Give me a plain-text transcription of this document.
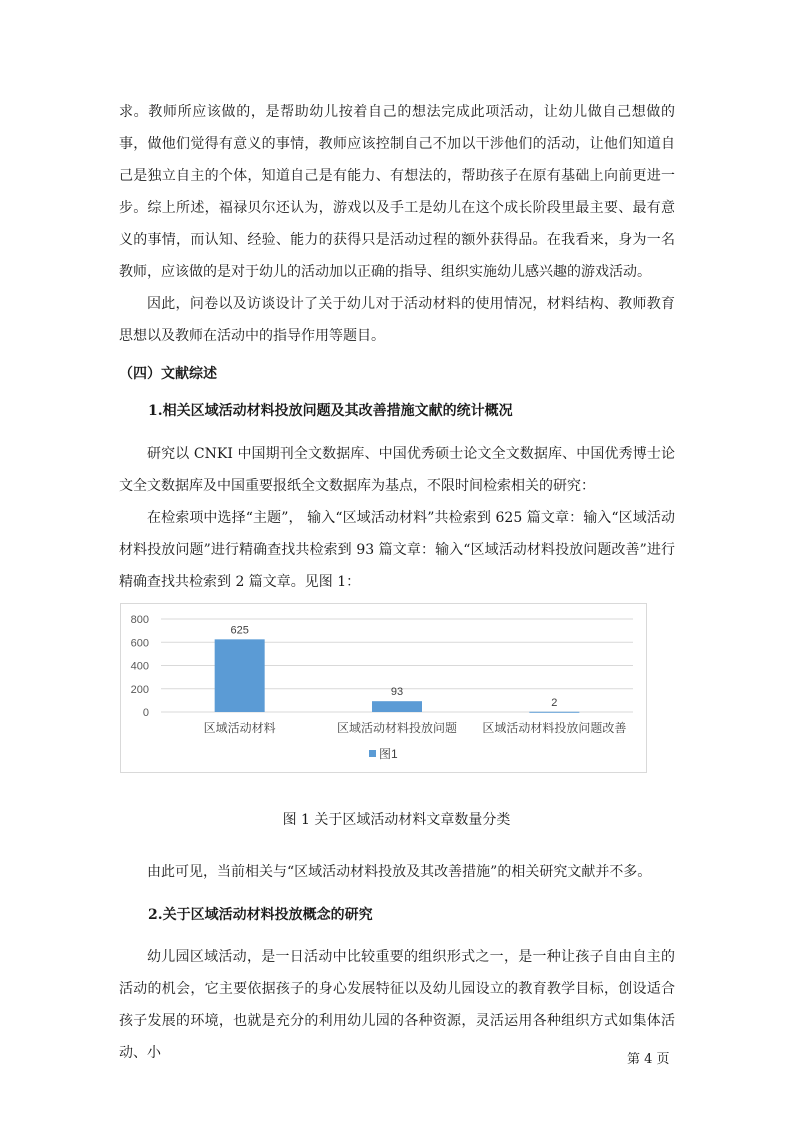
求。教师所应该做的，是帮助幼儿按着自己的想法完成此项活动，让幼儿做自己想做的事，做他们觉得有意义的事情，教师应该控制自己不加以干涉他们的活动，让他们知道自己是独立自主的个体，知道自己是有能力、有想法的，帮助孩子在原有基础上向前更进一步。综上所述，福禄贝尔还认为，游戏以及手工是幼儿在这个成长阶段里最主要、最有意义的事情，而认知、经验、能力的获得只是活动过程的额外获得品。在我看来，身为一名教师，应该做的是对于幼儿的活动加以正确的指导、组织实施幼儿感兴趣的游戏活动。

因此，问卷以及访谈设计了关于幼儿对于活动材料的使用情况，材料结构、教师教育思想以及教师在活动中的指导作用等题目。

（四）文献综述
1.相关区域活动材料投放问题及其改善措施文献的统计概况

研究以 CNKI 中国期刊全文数据库、中国优秀硕士论文全文数据库、中国优秀博士论文全文数据库及中国重要报纸全文数据库为基点，不限时间检索相关的研究：

在检索项中选择“主题”， 输入“区域活动材料”共检索到 625 篇文章：输入“区域活动材料投放问题”进行精确查找共检索到 93 篇文章：输入“区域活动材料投放问题改善”进行精确查找共检索到 2 篇文章。见图 1：

0
200
400
600
800
625
区域活动材料
93
区域活动材料投放问题
2
区域活动材料投放问题改善
图1
图 1 关于区域活动材料文章数量分类

由此可见，当前相关与“区域活动材料投放及其改善措施”的相关研究文献并不多。

2.关于区域活动材料投放概念的研究

幼儿园区域活动，是一日活动中比较重要的组织形式之一，是一种让孩子自由自主的活动的机会，它主要依据孩子的身心发展特征以及幼儿园设立的教育教学目标，创设适合孩子发展的环境，也就是充分的利用幼儿园的各种资源，灵活运用各种组织方式如集体活动、小	第 4 页
